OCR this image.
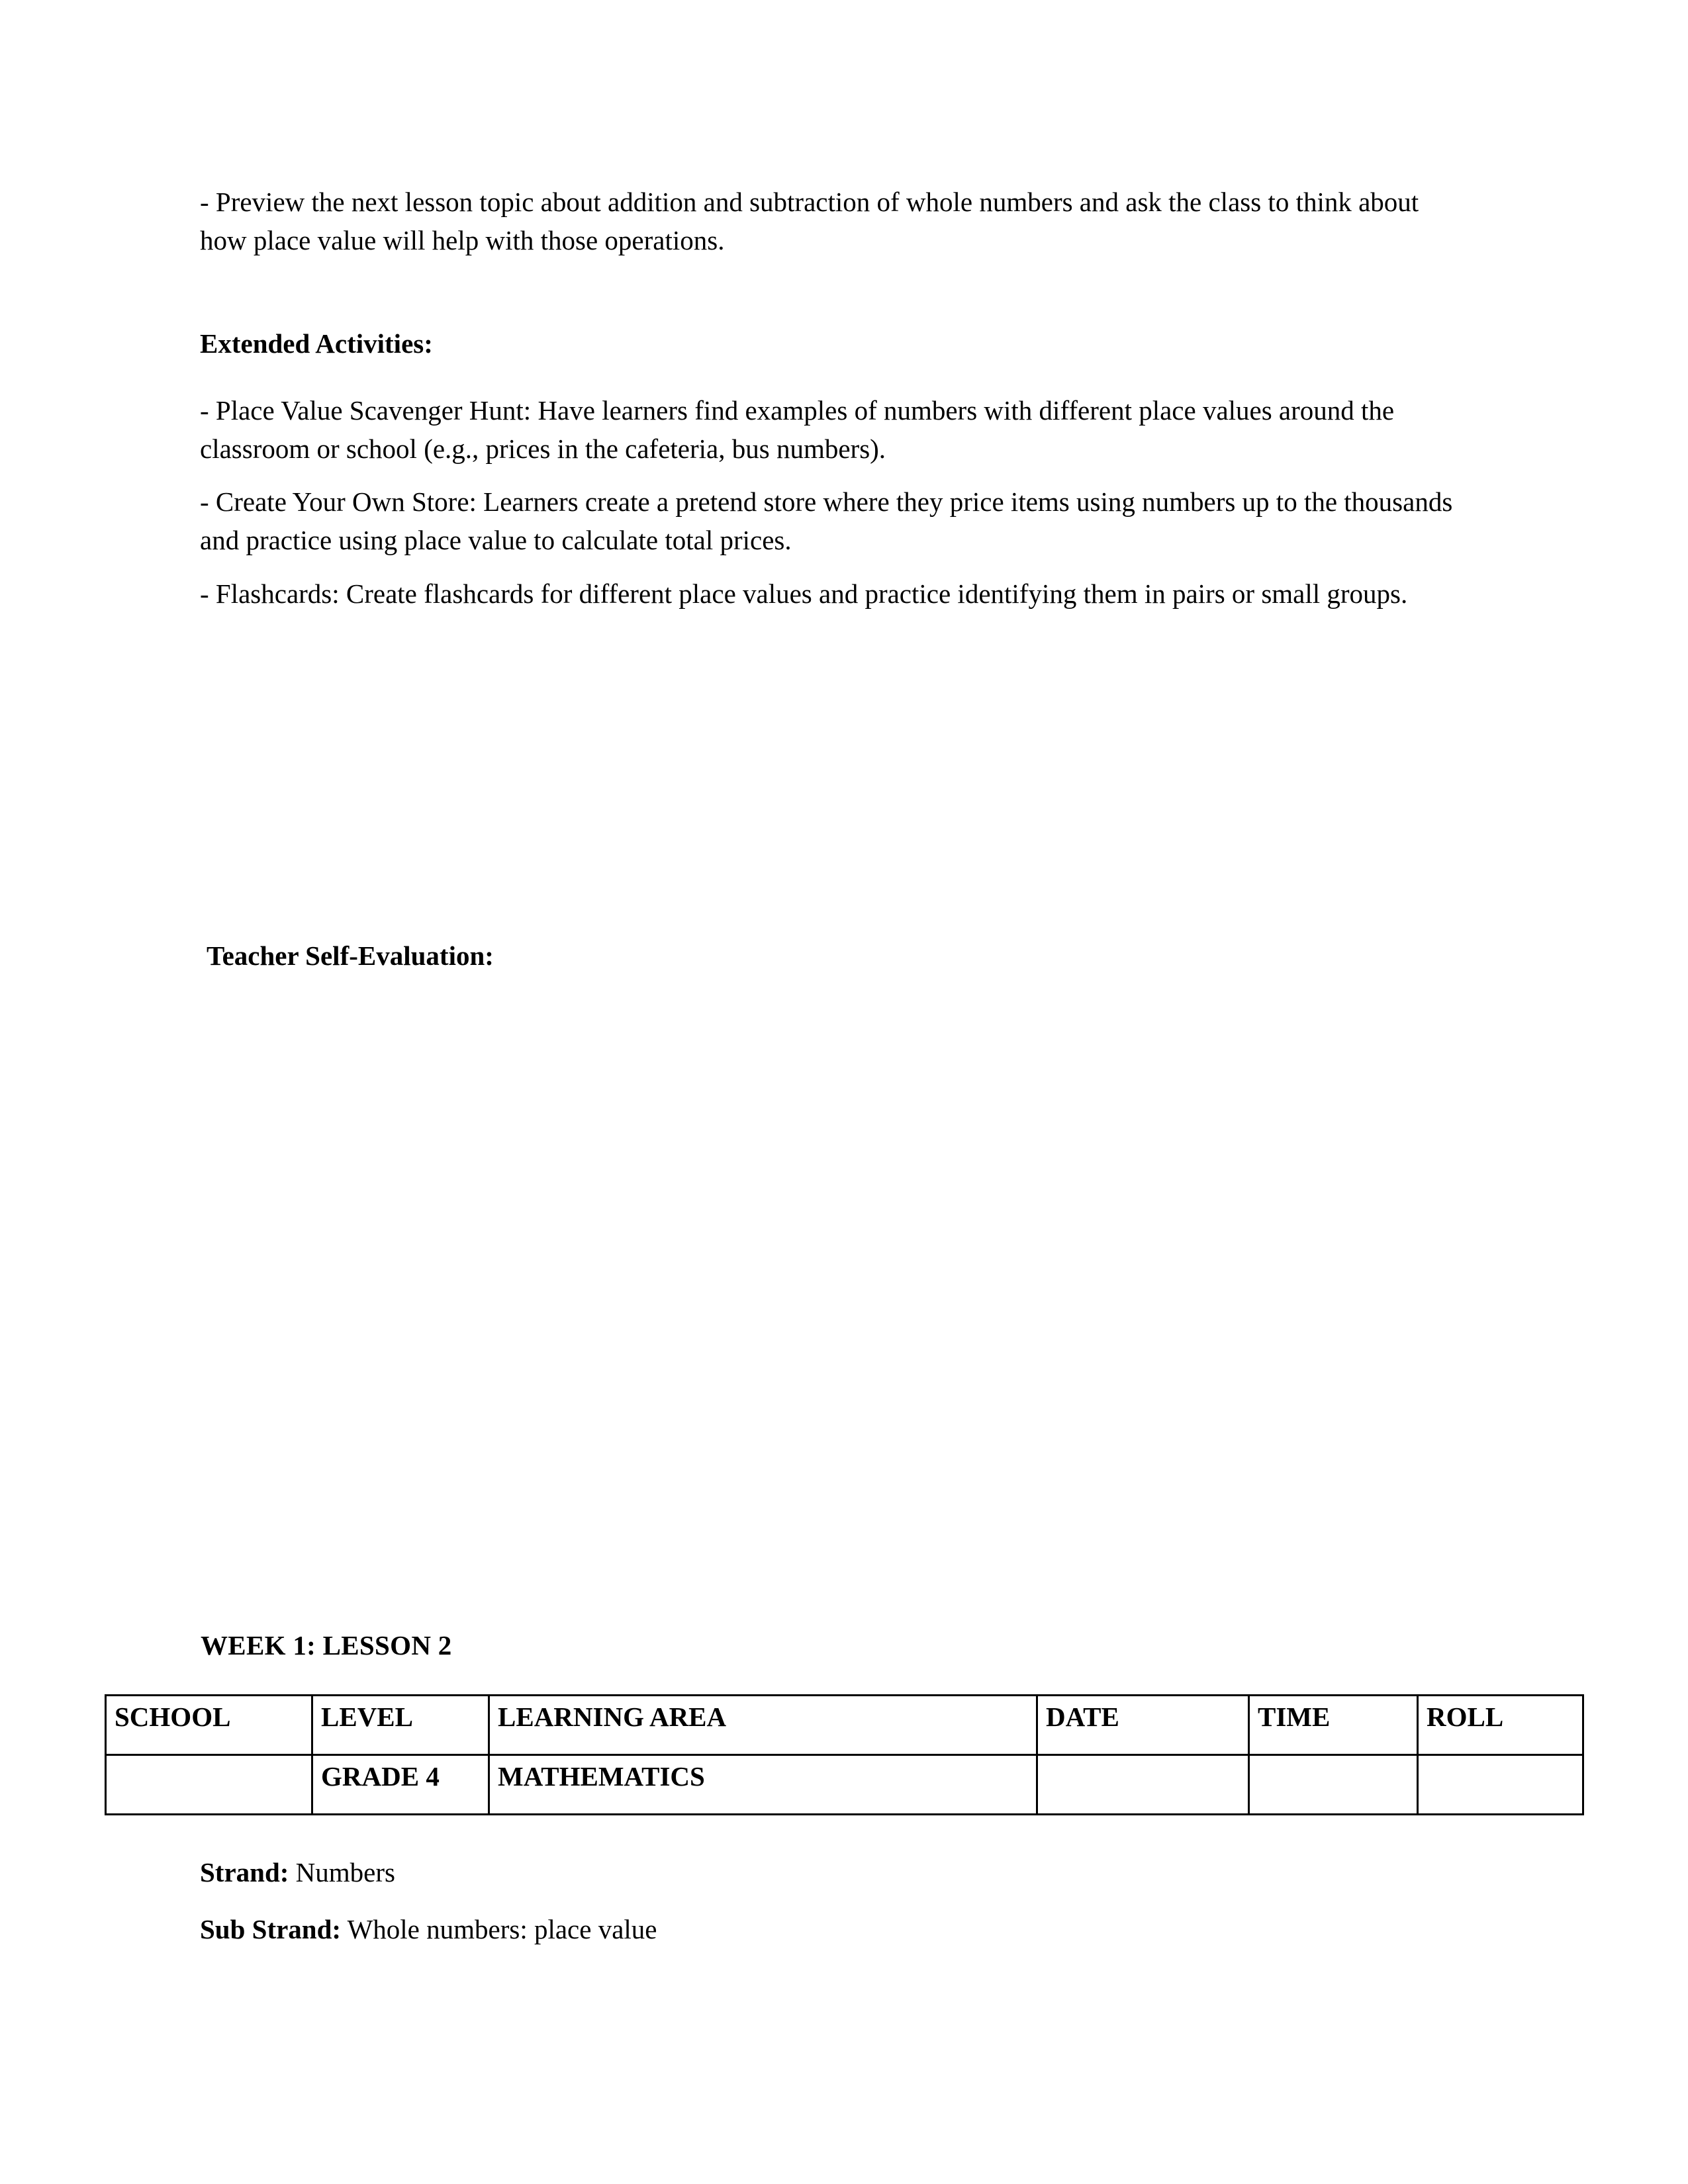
- Preview the next lesson topic about addition and subtraction of whole numbers and ask the class to think about how place value will help with those operations.

Extended Activities:

- Place Value Scavenger Hunt: Have learners find examples of numbers with different place values around the classroom or school (e.g., prices in the cafeteria, bus numbers).

- Create Your Own Store: Learners create a pretend store where they price items using numbers up to the thousands and practice using place value to calculate total prices.

- Flashcards: Create flashcards for different place values and practice identifying them in pairs or small groups.

Teacher Self-Evaluation:
WEEK 1: LESSON 2
SCHOOL	LEVEL	LEARNING AREA	DATE	TIME	ROLL
	GRADE 4	MATHEMATICS			
Strand: Numbers
Sub Strand: Whole numbers: place value
